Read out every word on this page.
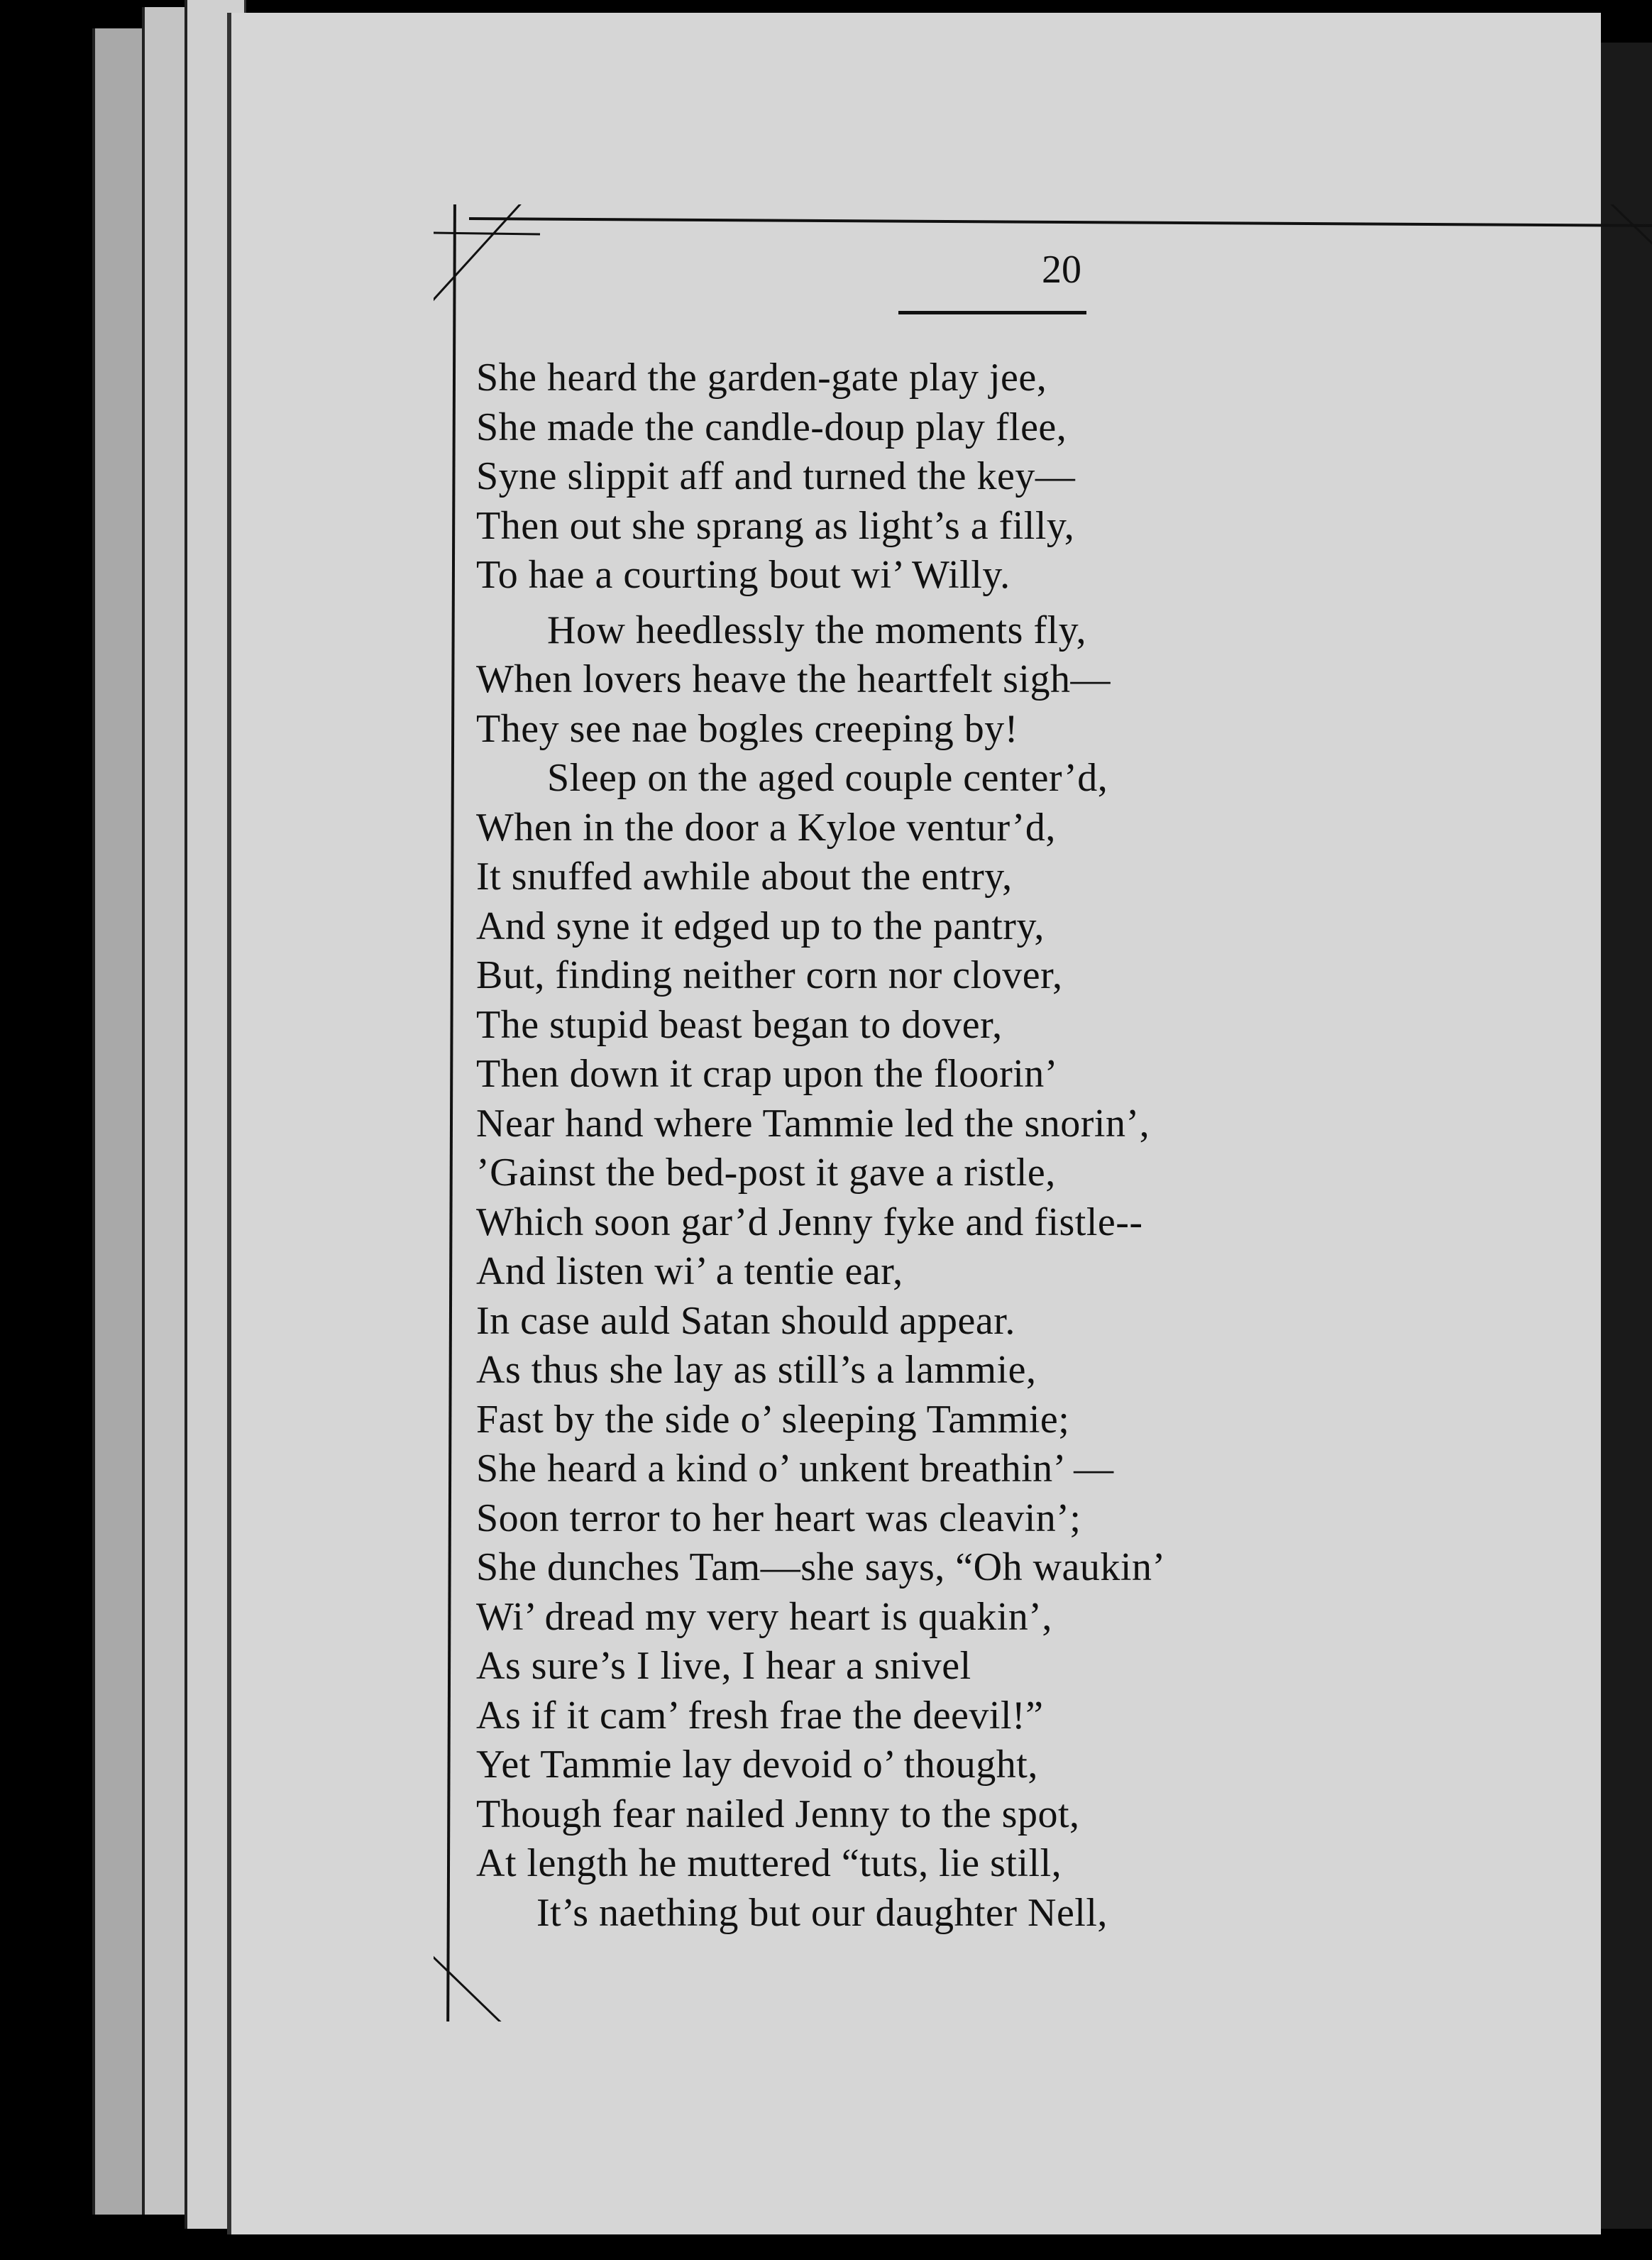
20
She heard the garden-gate play jee,
She made the candle-doup play flee,
Syne slippit aff and turned the key—
Then out she sprang as light’s a filly,
To hae a courting bout wi’ Willy.
How heedlessly the moments fly,
When lovers heave the heartfelt sigh—
They see nae bogles creeping by!
Sleep on the aged couple center’d,
When in the door a Kyloe ventur’d,
It snuffed awhile about the entry,
And syne it edged up to the pantry,
But, finding neither corn nor clover,
The stupid beast began to dover,
Then down it crap upon the floorin’
Near hand where Tammie led the snorin’,
’Gainst the bed-post it gave a ristle,
Which soon gar’d Jenny fyke and fistle--
And listen wi’ a tentie ear,
In case auld Satan should appear.
As thus she lay as still’s a lammie,
Fast by the side o’ sleeping Tammie;
She heard a kind o’ unkent breathin’ —
Soon terror to her heart was cleavin’;
She dunches Tam—she says, “Oh waukin’
Wi’ dread my very heart is quakin’,
As sure’s I live, I hear a snivel
As if it cam’ fresh frae the deevil!”
Yet Tammie lay devoid o’ thought,
Though fear nailed Jenny to the spot,
At length he muttered “tuts, lie still,
It’s naething but our daughter Nell,
